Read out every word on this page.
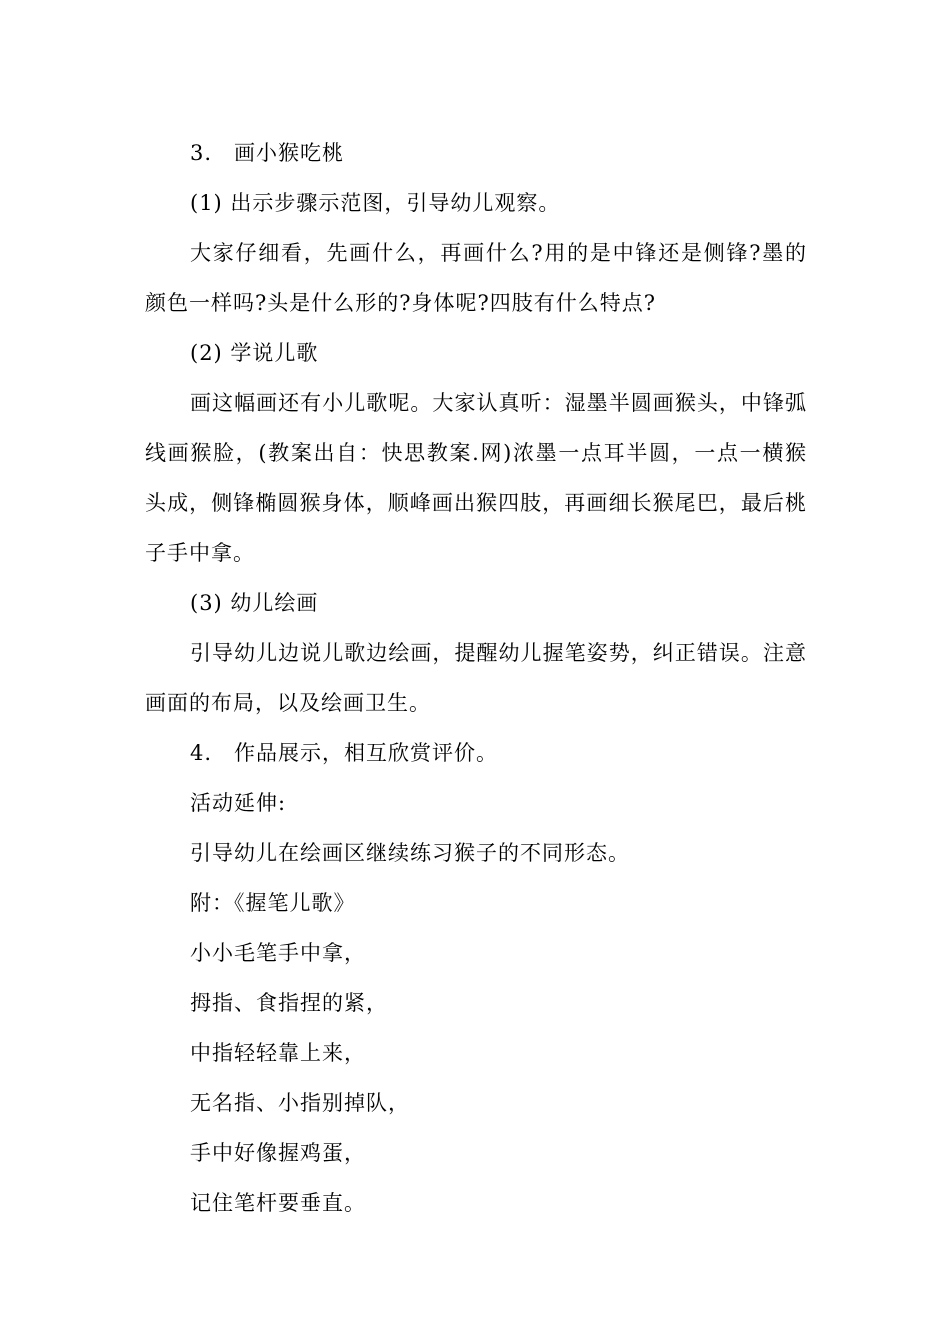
3.　画小猴吃桃
(1) 出示步骤示范图，引导幼儿观察。
大家仔细看，先画什么，再画什么?用的是中锋还是侧锋?墨的颜色一样吗?头是什么形的?身体呢?四肢有什么特点?
(2) 学说儿歌
画这幅画还有小儿歌呢。大家认真听：湿墨半圆画猴头，中锋弧线画猴脸，(教案出自：快思教案.网)浓墨一点耳半圆，一点一横猴头成，侧锋椭圆猴身体，顺峰画出猴四肢，再画细长猴尾巴，最后桃子手中拿。
(3) 幼儿绘画
引导幼儿边说儿歌边绘画，提醒幼儿握笔姿势，纠正错误。注意画面的布局，以及绘画卫生。
4.　作品展示，相互欣赏评价。
活动延伸:
引导幼儿在绘画区继续练习猴子的不同形态。
附：《握笔儿歌》
小小毛笔手中拿，
拇指、食指捏的紧，
中指轻轻靠上来，
无名指、小指别掉队，
手中好像握鸡蛋，
记住笔杆要垂直。
